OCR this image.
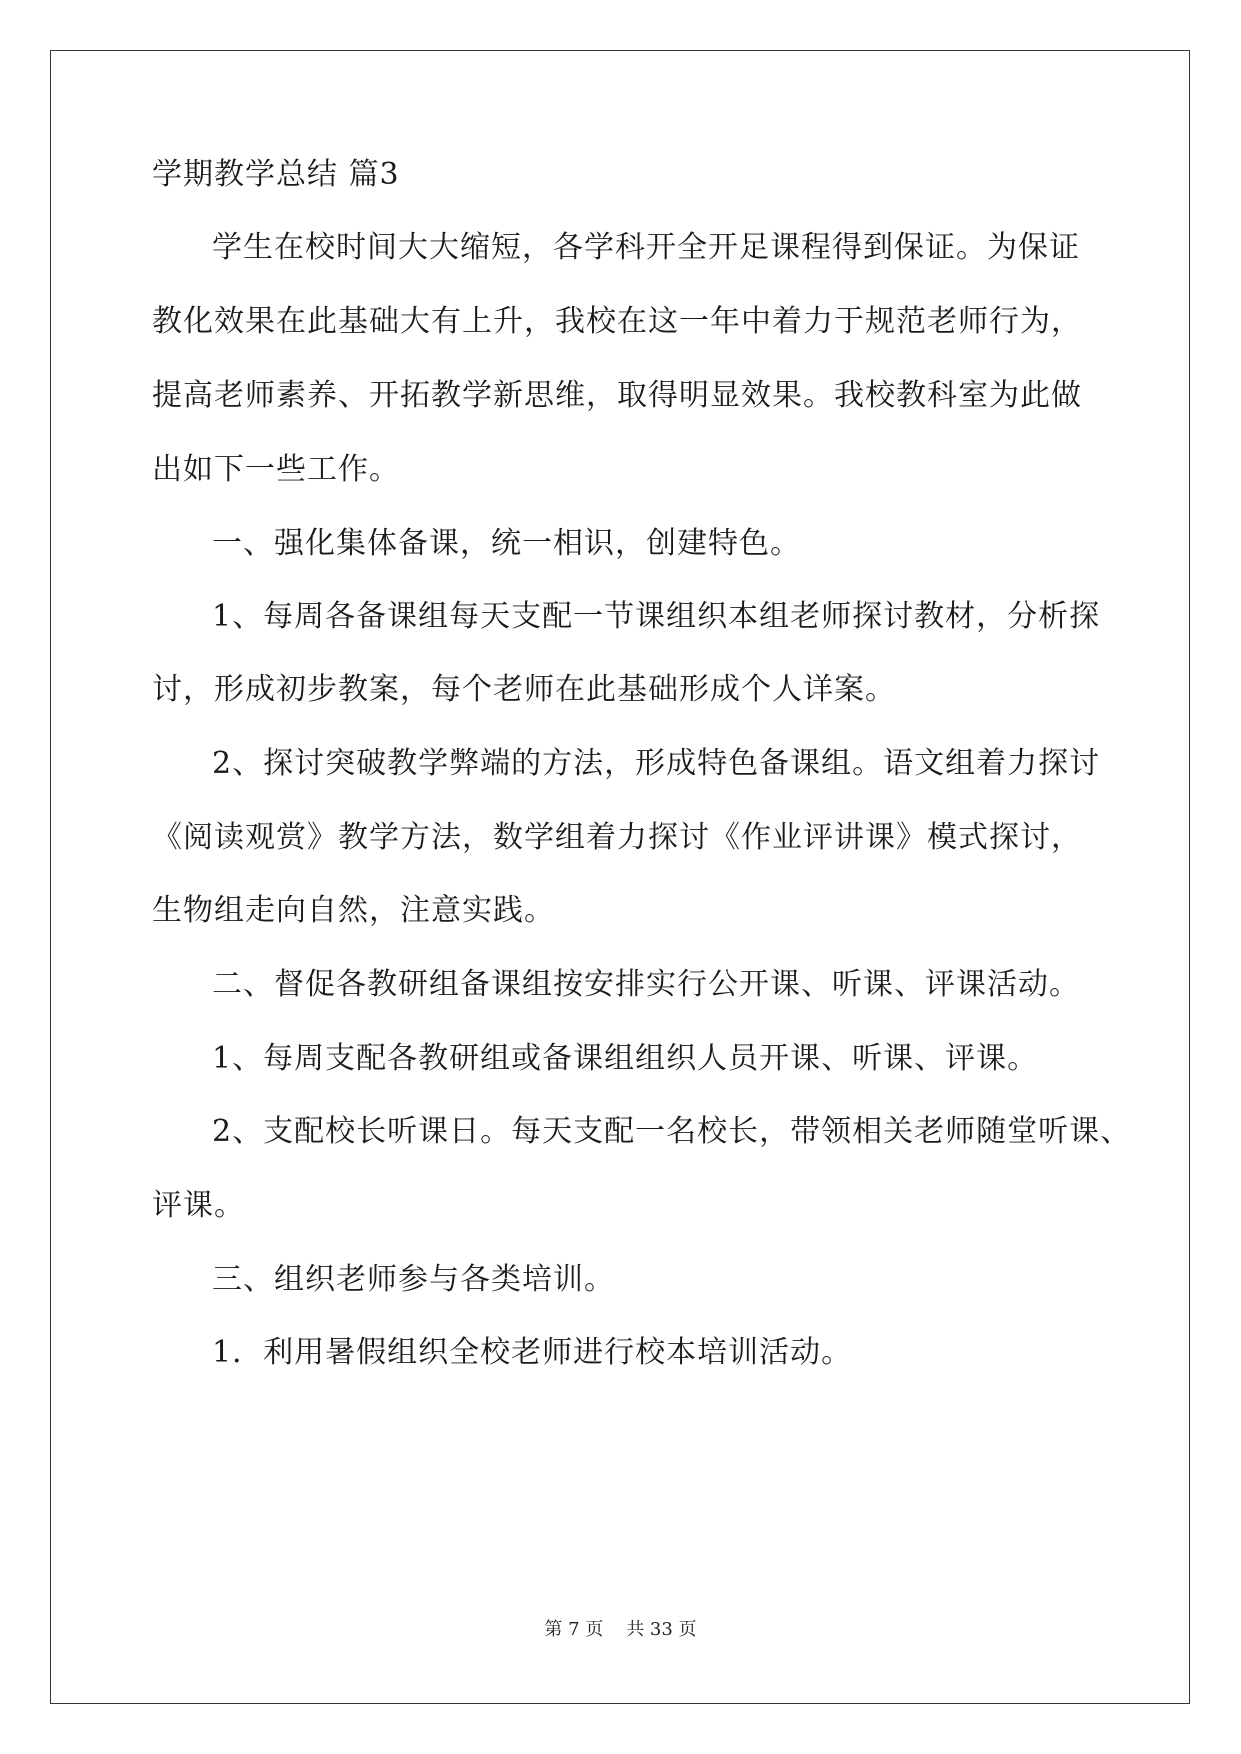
学期教学总结 篇3
学生在校时间大大缩短，各学科开全开足课程得到保证。为保证
教化效果在此基础大有上升，我校在这一年中着力于规范老师行为，
提高老师素养、开拓教学新思维，取得明显效果。我校教科室为此做
出如下一些工作。
一、强化集体备课，统一相识，创建特色。
1、每周各备课组每天支配一节课组织本组老师探讨教材，分析探
讨，形成初步教案，每个老师在此基础形成个人详案。
2、探讨突破教学弊端的方法，形成特色备课组。语文组着力探讨
《阅读观赏》教学方法，数学组着力探讨《作业评讲课》模式探讨，
生物组走向自然，注意实践。
二、督促各教研组备课组按安排实行公开课、听课、评课活动。
1、每周支配各教研组或备课组组织人员开课、听课、评课。
2、支配校长听课日。每天支配一名校长，带领相关老师随堂听课、
评课。
三、组织老师参与各类培训。
1．利用暑假组织全校老师进行校本培训活动。
第 7 页    共 33 页
